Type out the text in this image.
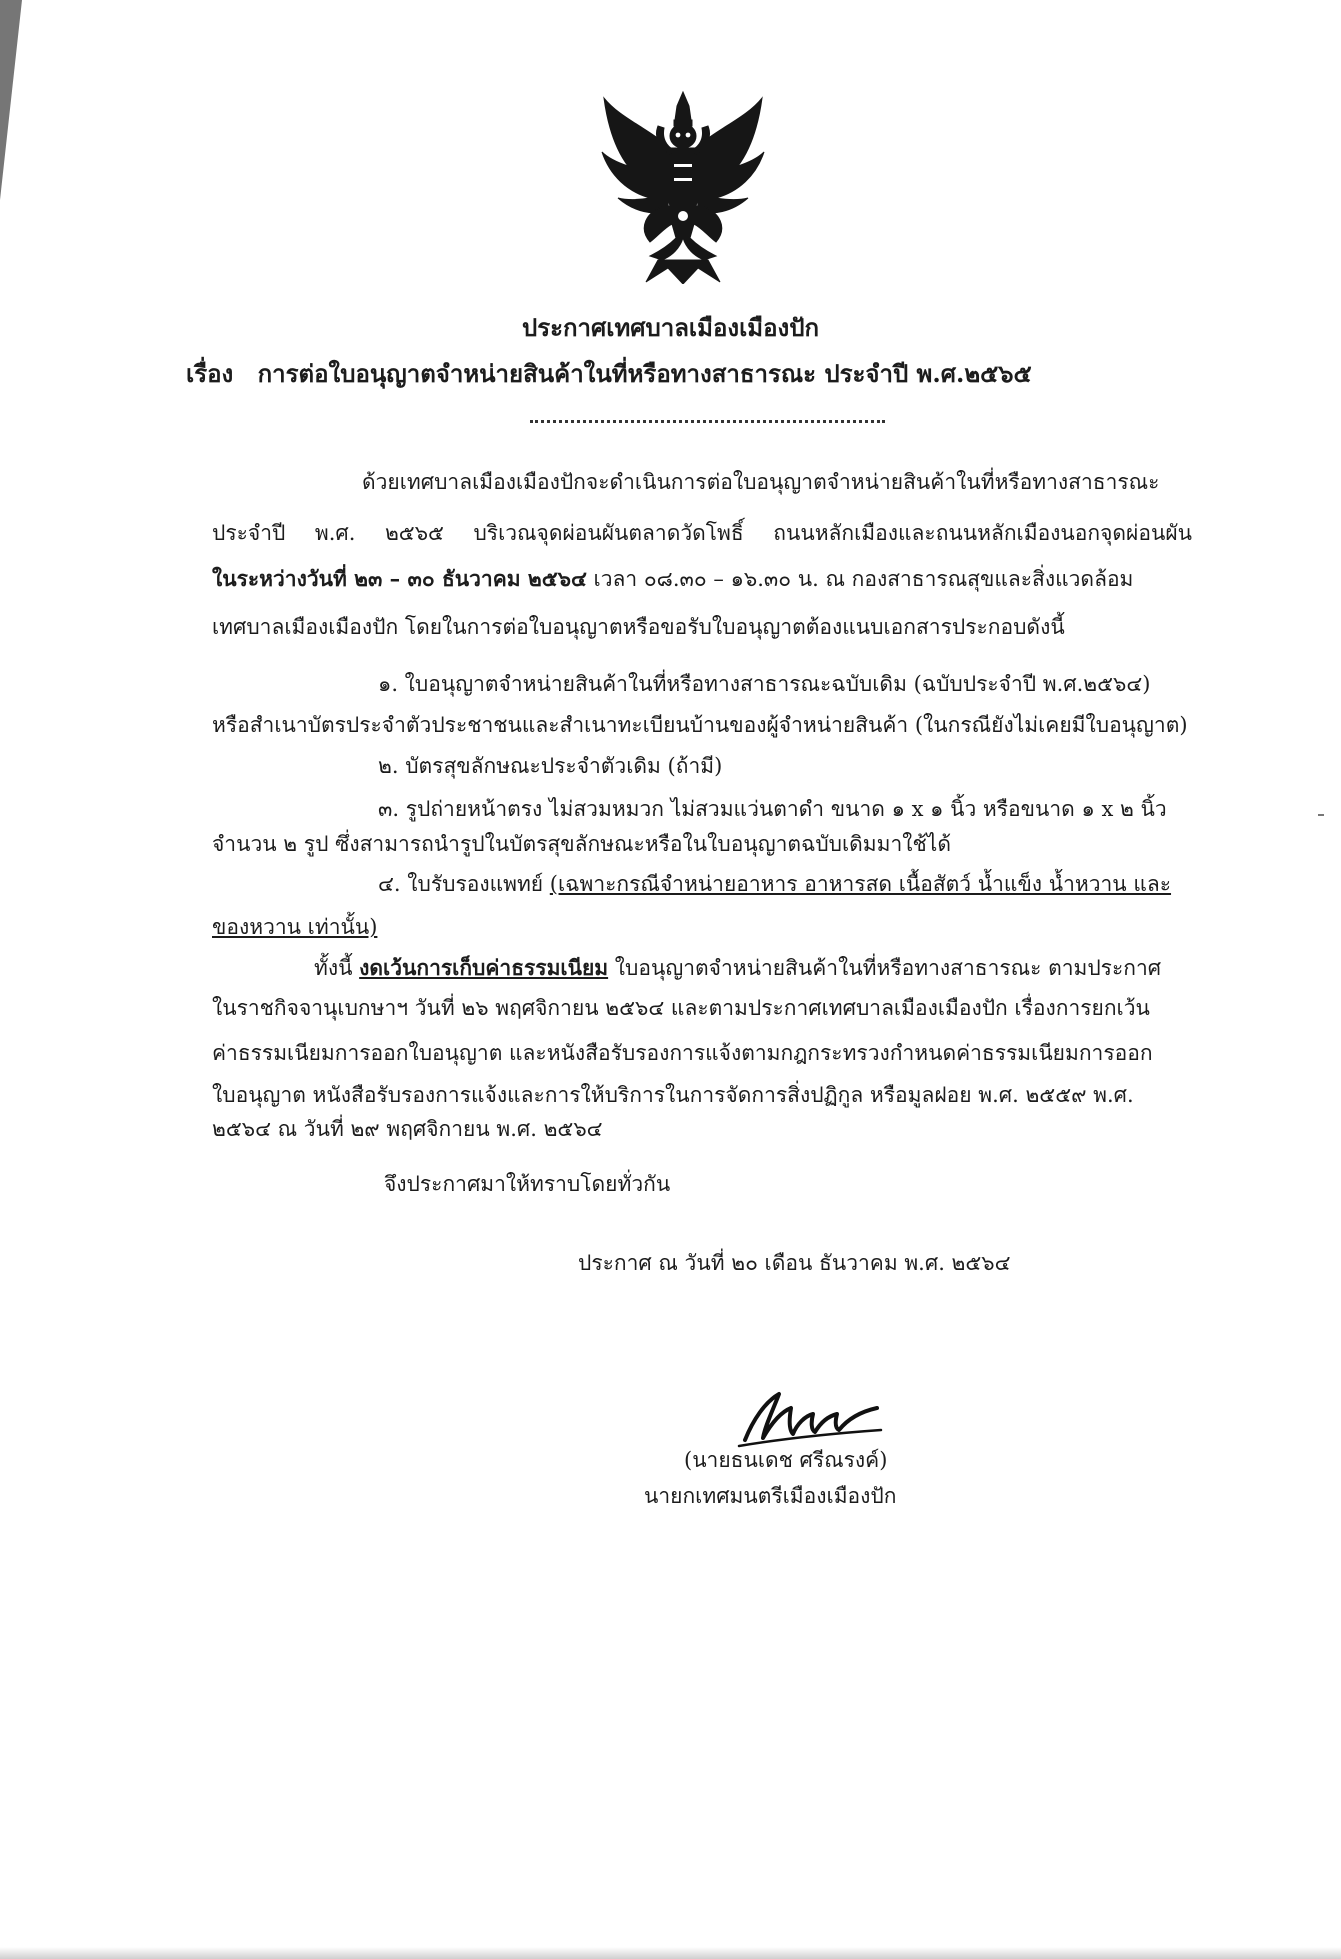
ประกาศเทศบาลเมืองเมืองปัก
เรื่อง การต่อใบอนุญาตจำหน่ายสินค้าในที่หรือทางสาธารณะ ประจำปี พ.ศ.๒๕๖๕
ด้วยเทศบาลเมืองเมืองปักจะดำเนินการต่อใบอนุญาตจำหน่ายสินค้าในที่หรือทางสาธารณะ
ประจำปี พ.ศ. ๒๕๖๕ บริเวณจุดผ่อนผันตลาดวัดโพธิ์ ถนนหลักเมืองและถนนหลักเมืองนอกจุดผ่อนผัน
ในระหว่างวันที่ ๒๓ – ๓๐ ธันวาคม ๒๕๖๔ เวลา ๐๘.๓๐ – ๑๖.๓๐ น. ณ กองสาธารณสุขและสิ่งแวดล้อม
เทศบาลเมืองเมืองปัก โดยในการต่อใบอนุญาตหรือขอรับใบอนุญาตต้องแนบเอกสารประกอบดังนี้
๑. ใบอนุญาตจำหน่ายสินค้าในที่หรือทางสาธารณะฉบับเดิม (ฉบับประจำปี พ.ศ.๒๕๖๔)
หรือสำเนาบัตรประจำตัวประชาชนและสำเนาทะเบียนบ้านของผู้จำหน่ายสินค้า (ในกรณียังไม่เคยมีใบอนุญาต)
๒. บัตรสุขลักษณะประจำตัวเดิม (ถ้ามี)
๓. รูปถ่ายหน้าตรง ไม่สวมหมวก ไม่สวมแว่นตาดำ ขนาด ๑ x ๑ นิ้ว หรือขนาด ๑ x ๒ นิ้ว
จำนวน ๒ รูป ซึ่งสามารถนำรูปในบัตรสุขลักษณะหรือในใบอนุญาตฉบับเดิมมาใช้ได้
๔. ใบรับรองแพทย์ (เฉพาะกรณีจำหน่ายอาหาร อาหารสด เนื้อสัตว์ น้ำแข็ง น้ำหวาน และ
ของหวาน เท่านั้น)
ทั้งนี้ งดเว้นการเก็บค่าธรรมเนียม ใบอนุญาตจำหน่ายสินค้าในที่หรือทางสาธารณะ ตามประกาศ
ในราชกิจจานุเบกษาฯ วันที่ ๒๖ พฤศจิกายน ๒๕๖๔ และตามประกาศเทศบาลเมืองเมืองปัก เรื่องการยกเว้น
ค่าธรรมเนียมการออกใบอนุญาต และหนังสือรับรองการแจ้งตามกฎกระทรวงกำหนดค่าธรรมเนียมการออก
ใบอนุญาต หนังสือรับรองการแจ้งและการให้บริการในการจัดการสิ่งปฏิกูล หรือมูลฝอย พ.ศ. ๒๕๕๙ พ.ศ.
๒๕๖๔ ณ วันที่ ๒๙ พฤศจิกายน พ.ศ. ๒๕๖๔
จึงประกาศมาให้ทราบโดยทั่วกัน
ประกาศ ณ วันที่ ๒๐ เดือน ธันวาคม พ.ศ. ๒๕๖๔
(นายธนเดช ศรีณรงค์)
นายกเทศมนตรีเมืองเมืองปัก
